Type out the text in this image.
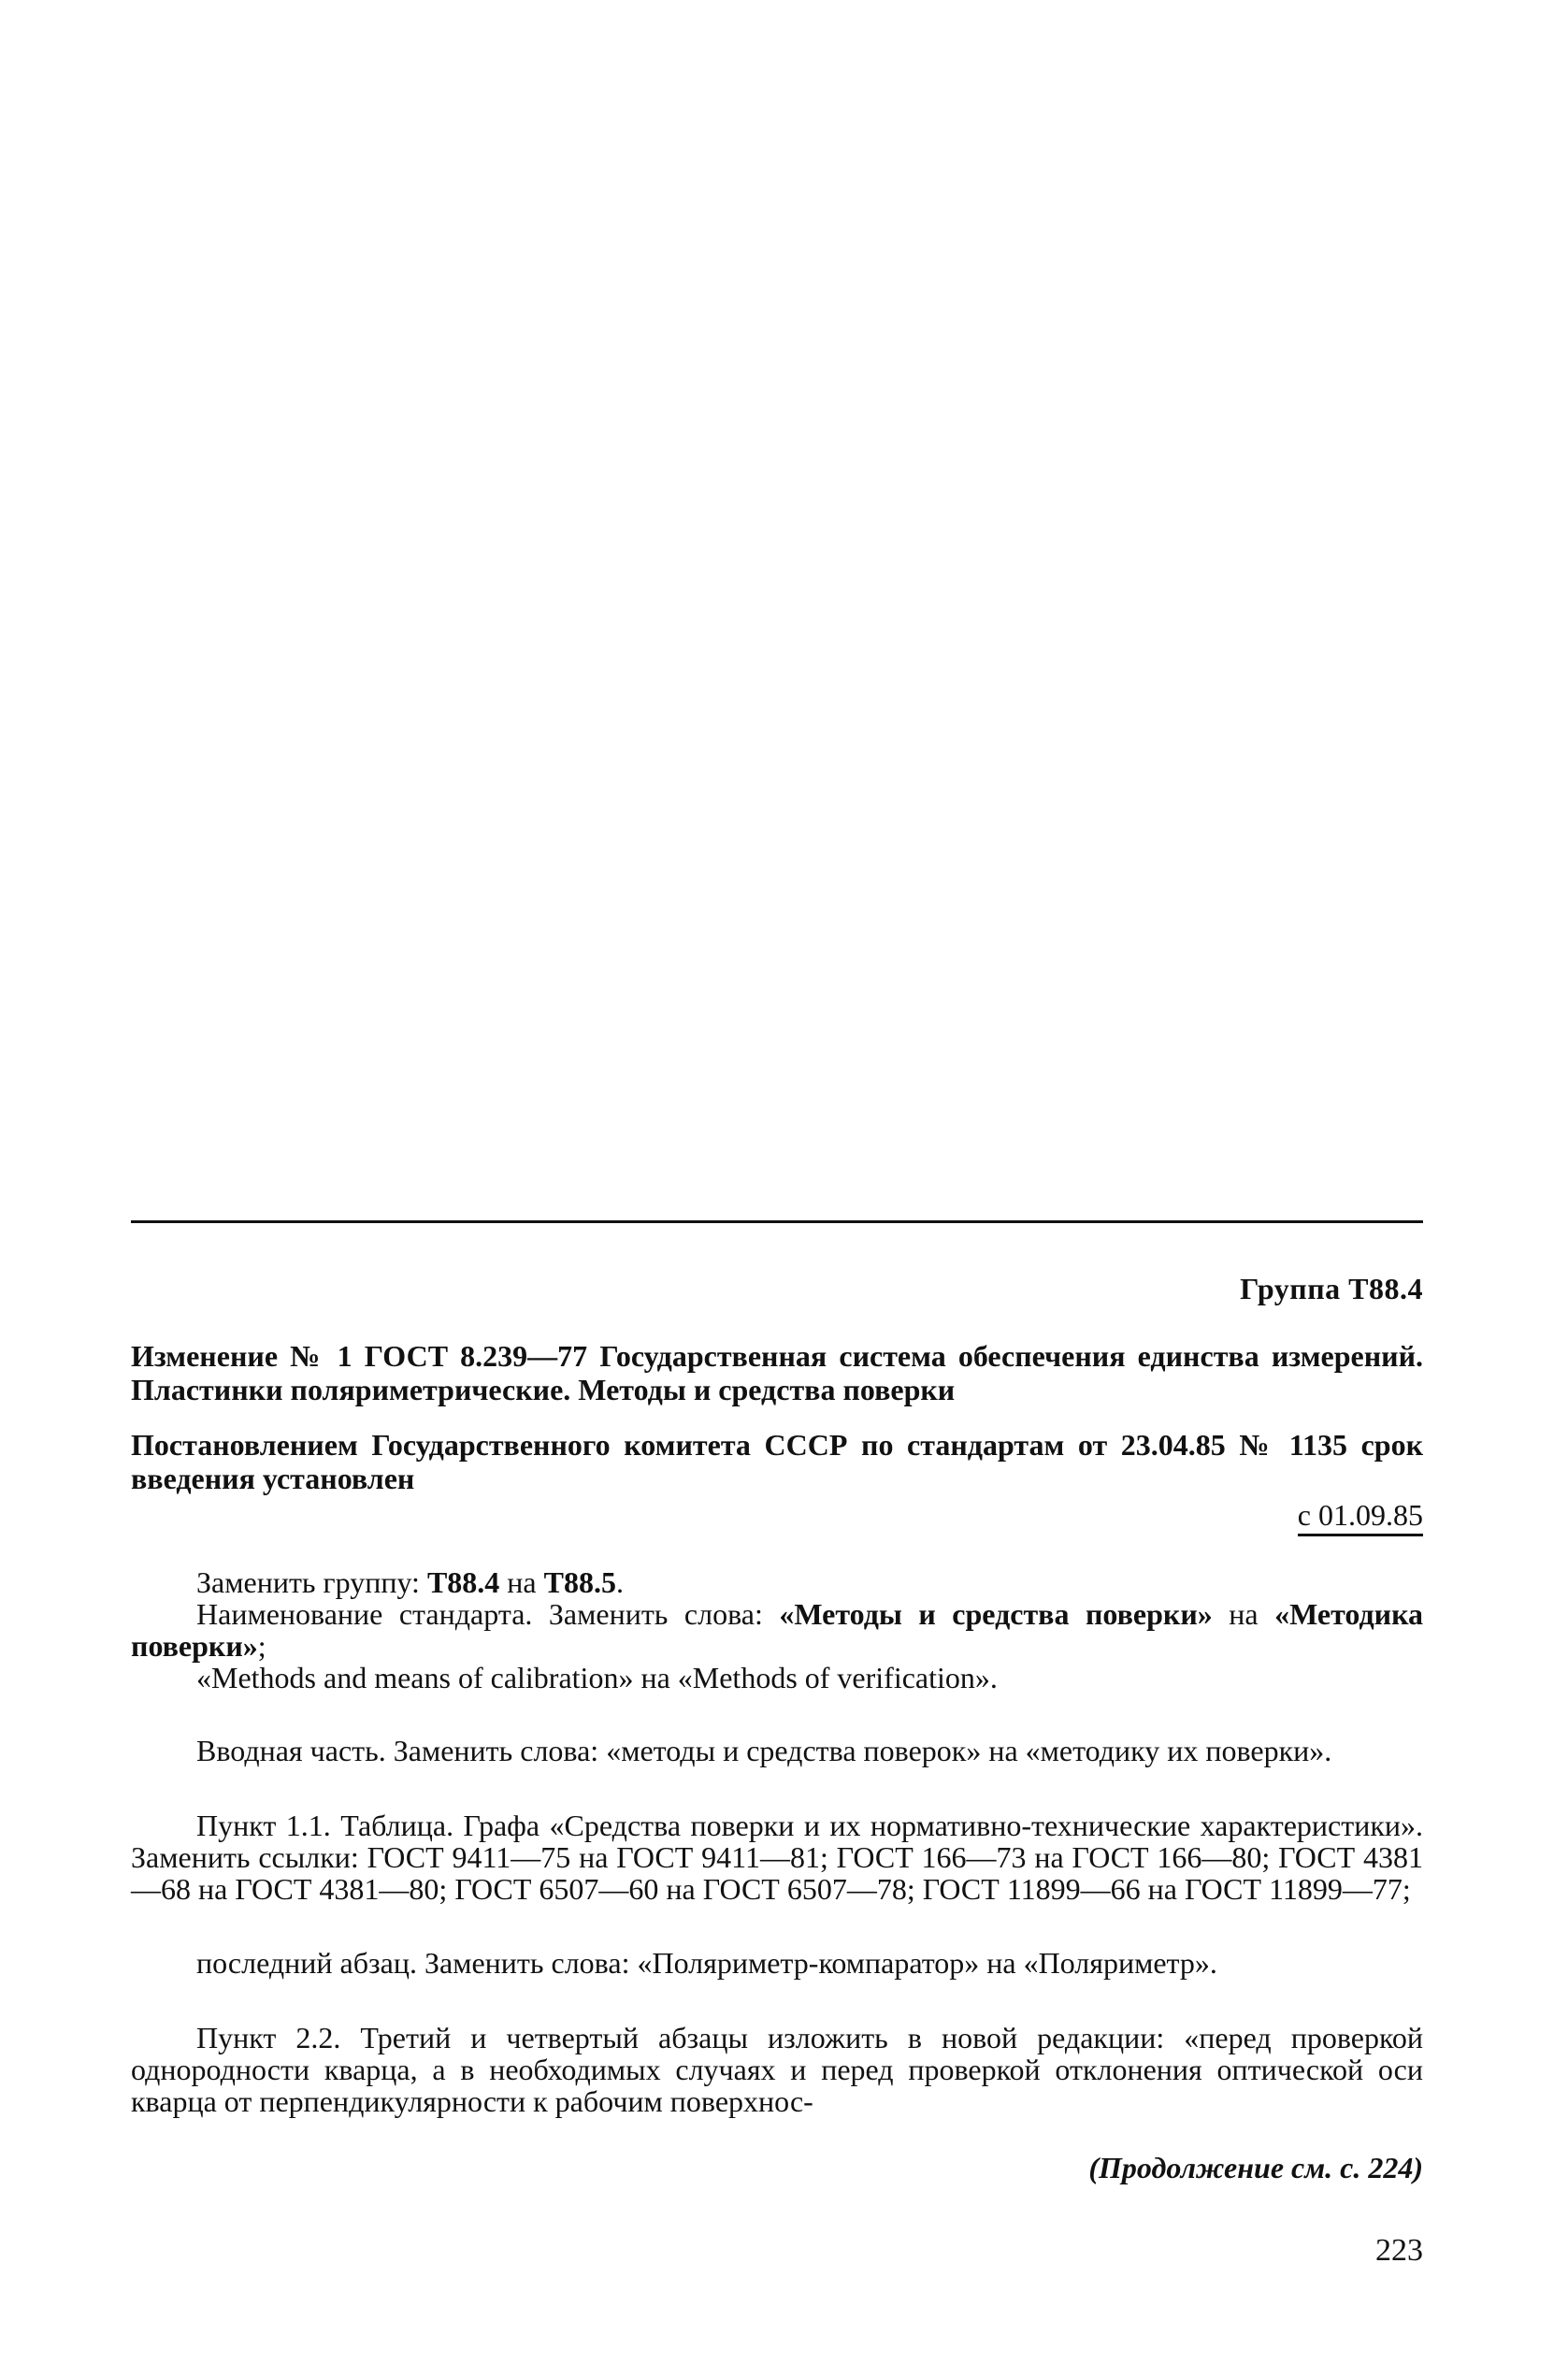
Группа Т88.4
Изменение № 1 ГОСТ 8.239—77 Государственная система обеспечения единства измерений. Пластинки поляриметрические. Методы и средства поверки
Постановлением Государственного комитета СССР по стандартам от 23.04.85 № 1135 срок введения установлен
с 01.09.85

Заменить группу: Т88.4 на Т88.5.

Наименование стандарта. Заменить слова: «Методы и средства поверки» на «Методика поверки»;

«Methods and means of calibration» на «Methods of verification».

Вводная часть. Заменить слова: «методы и средства поверок» на «методику их поверки».

Пункт 1.1. Таблица. Графа «Средства поверки и их нормативно-технические характеристики». Заменить ссылки: ГОСТ 9411—75 на ГОСТ 9411—81; ГОСТ 166—73 на ГОСТ 166—80; ГОСТ 4381—68 на ГОСТ 4381—80; ГОСТ 6507—60 на ГОСТ 6507—78; ГОСТ 11899—66 на ГОСТ 11899—77;

последний абзац. Заменить слова: «Поляриметр-компаратор» на «Поляриметр».

Пункт 2.2. Третий и четвертый абзацы изложить в новой редакции: «перед проверкой однородности кварца, а в необходимых случаях и перед проверкой отклонения оптической оси кварца от перпендикулярности к рабочим поверхнос-

(Продолжение см. с. 224)
223
